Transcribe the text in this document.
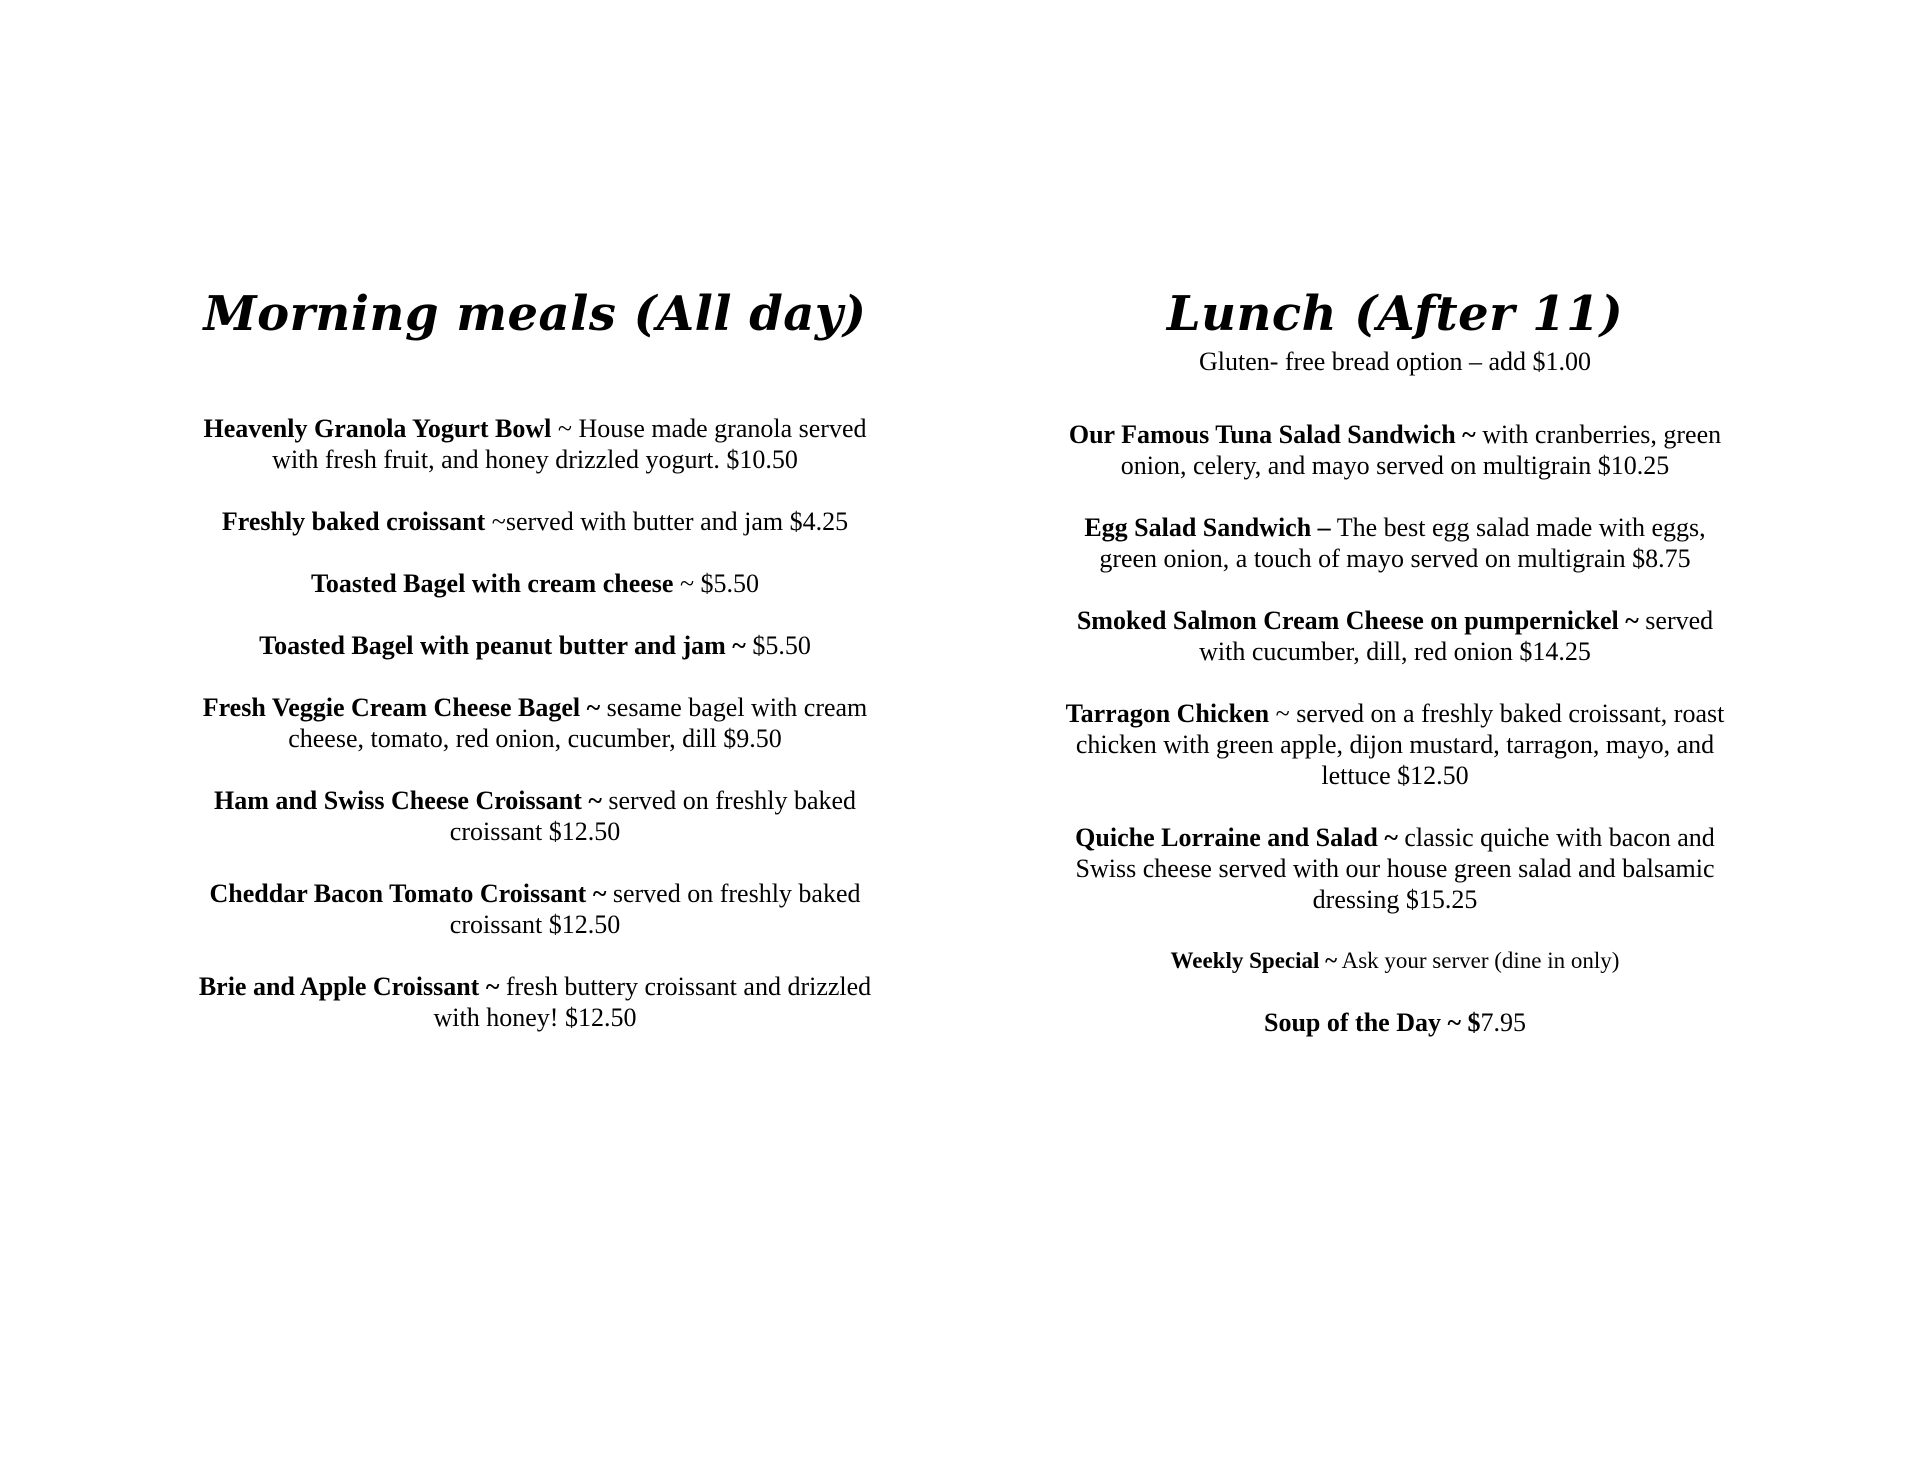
Morning meals (All day)
Heavenly Granola Yogurt Bowl ~ House made granola served with fresh fruit, and honey drizzled yogurt. $10.50
Freshly baked croissant ~served with butter and jam $4.25
Toasted Bagel with cream cheese ~ $5.50
Toasted Bagel with peanut butter and jam ~ $5.50
Fresh Veggie Cream Cheese Bagel ~ sesame bagel with cream cheese, tomato, red onion, cucumber, dill $9.50
Ham and Swiss Cheese Croissant ~ served on freshly baked croissant $12.50
Cheddar Bacon Tomato Croissant ~ served on freshly baked croissant $12.50
Brie and Apple Croissant ~ fresh buttery croissant and drizzled with honey! $12.50
Lunch (After 11)

Gluten- free bread option – add $1.00

Our Famous Tuna Salad Sandwich ~ with cranberries, green onion, celery, and mayo served on multigrain $10.25
Egg Salad Sandwich – The best egg salad made with eggs, green onion, a touch of mayo served on multigrain $8.75
Smoked Salmon Cream Cheese on pumpernickel ~ served with cucumber, dill, red onion $14.25
Tarragon Chicken ~ served on a freshly baked croissant, roast chicken with green apple, dijon mustard, tarragon, mayo, and lettuce $12.50
Quiche Lorraine and Salad ~ classic quiche with bacon and Swiss cheese served with our house green salad and balsamic dressing $15.25
Weekly Special ~ Ask your server (dine in only)
Soup of the Day ~ $7.95
